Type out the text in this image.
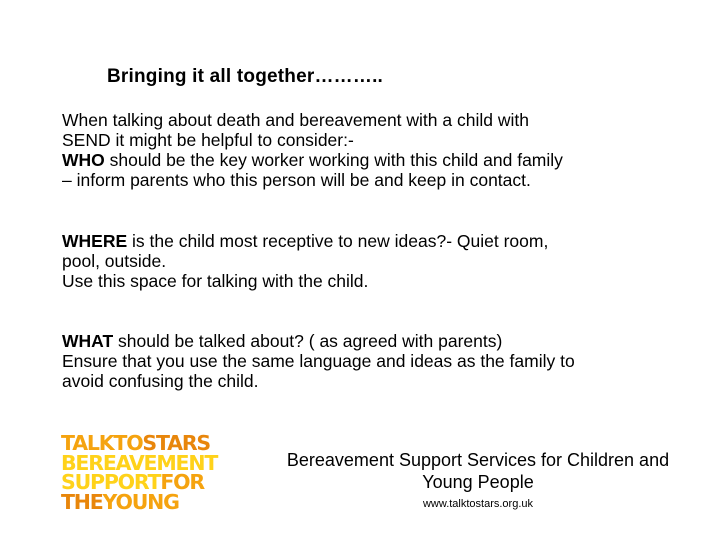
Bringing it all together………..
When talking about death and bereavement with a child with
SEND it might be helpful to consider:-
WHO should be the key worker working with this child and family
– inform parents who this person will be and keep in contact.
WHERE is the child most receptive to new ideas?- Quiet room,
pool, outside.
Use this space for talking with the child.
WHAT should be talked about? ( as agreed with parents)
Ensure that you use the same language and ideas as the family to
avoid confusing the child.
TALKTOSTARS
BEREAVEMENT
SUPPORTFOR
THEYOUNG
Bereavement Support Services for Children and
Young People
www.talktostars.org.uk
